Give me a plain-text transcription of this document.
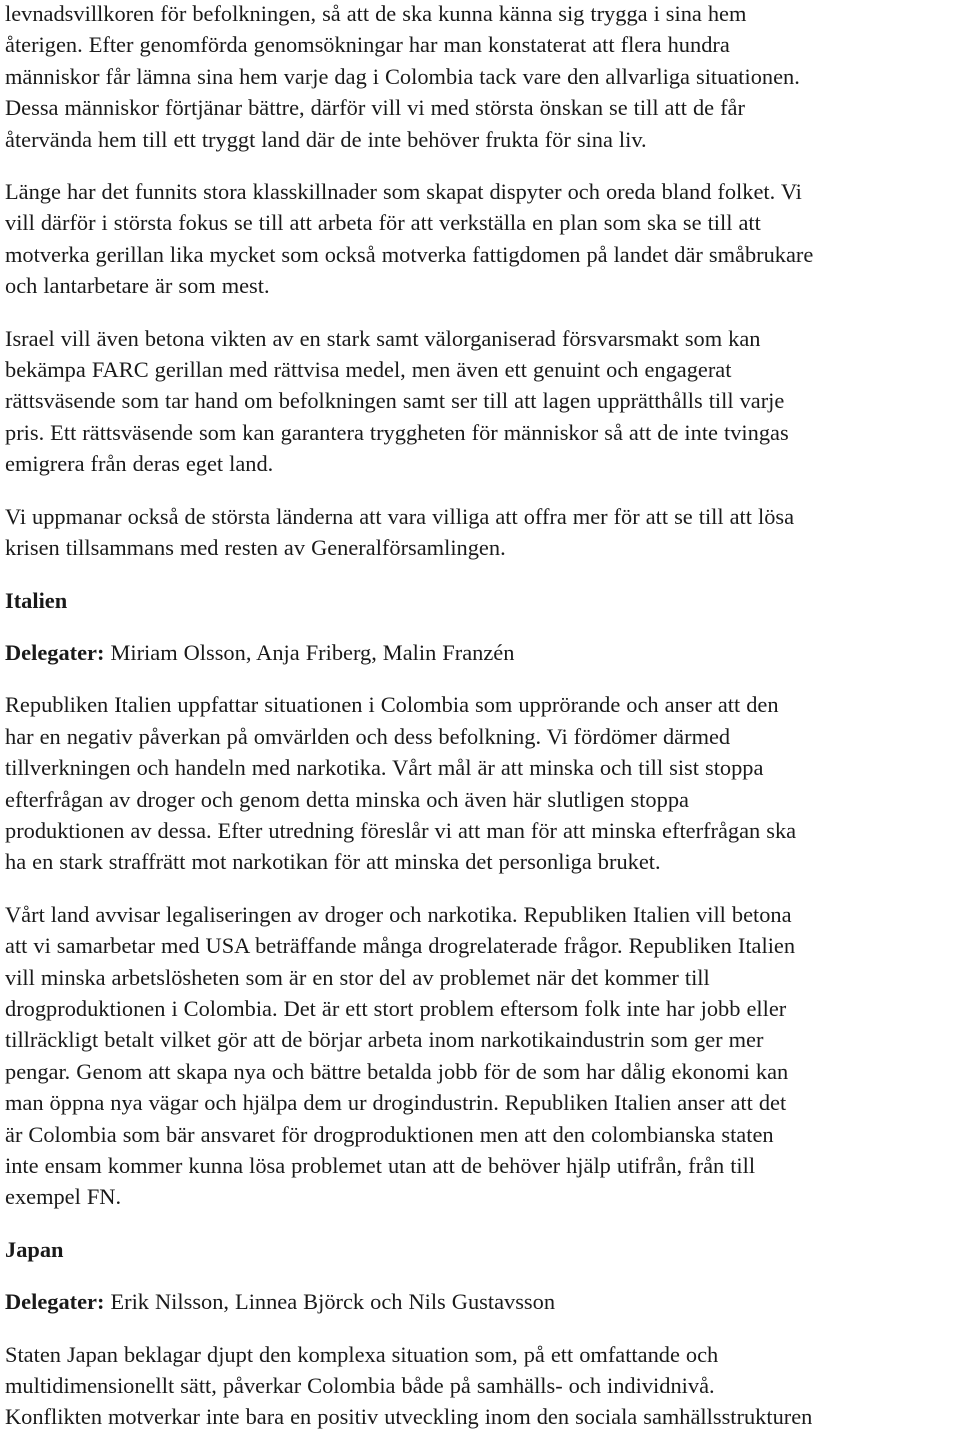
levnadsvillkoren för befolkningen, så att de ska kunna känna sig trygga i sina hem
återigen. Efter genomförda genomsökningar har man konstaterat att flera hundra
människor får lämna sina hem varje dag i Colombia tack vare den allvarliga situationen.
Dessa människor förtjänar bättre, därför vill vi med största önskan se till att de får
återvända hem till ett tryggt land där de inte behöver frukta för sina liv.

Länge har det funnits stora klasskillnader som skapat dispyter och oreda bland folket. Vi
vill därför i största fokus se till att arbeta för att verkställa en plan som ska se till att
motverka gerillan lika mycket som också motverka fattigdomen på landet där småbrukare
och lantarbetare är som mest.

Israel vill även betona vikten av en stark samt välorganiserad försvarsmakt som kan
bekämpa FARC gerillan med rättvisa medel, men även ett genuint och engagerat
rättsväsende som tar hand om befolkningen samt ser till att lagen upprätthålls till varje
pris. Ett rättsväsende som kan garantera tryggheten för människor så att de inte tvingas
emigrera från deras eget land.

Vi uppmanar också de största länderna att vara villiga att offra mer för att se till att lösa
krisen tillsammans med resten av Generalförsamlingen.

Italien

Delegater: Miriam Olsson, Anja Friberg, Malin Franzén

Republiken Italien uppfattar situationen i Colombia som upprörande och anser att den
har en negativ påverkan på omvärlden och dess befolkning. Vi fördömer därmed
tillverkningen och handeln med narkotika. Vårt mål är att minska och till sist stoppa
efterfrågan av droger och genom detta minska och även här slutligen stoppa
produktionen av dessa. Efter utredning föreslår vi att man för att minska efterfrågan ska
ha en stark straffrätt mot narkotikan för att minska det personliga bruket.

Vårt land avvisar legaliseringen av droger och narkotika. Republiken Italien vill betona
att vi samarbetar med USA beträffande många drogrelaterade frågor. Republiken Italien
vill minska arbetslösheten som är en stor del av problemet när det kommer till
drogproduktionen i Colombia. Det är ett stort problem eftersom folk inte har jobb eller
tillräckligt betalt vilket gör att de börjar arbeta inom narkotikaindustrin som ger mer
pengar. Genom att skapa nya och bättre betalda jobb för de som har dålig ekonomi kan
man öppna nya vägar och hjälpa dem ur drogindustrin. Republiken Italien anser att det
är Colombia som bär ansvaret för drogproduktionen men att den colombianska staten
inte ensam kommer kunna lösa problemet utan att de behöver hjälp utifrån, från till
exempel FN.

Japan

Delegater: Erik Nilsson, Linnea Björck och Nils Gustavsson

Staten Japan beklagar djupt den komplexa situation som, på ett omfattande och
multidimensionellt sätt, påverkar Colombia både på samhälls- och individnivå.
Konflikten motverkar inte bara en positiv utveckling inom den sociala samhällsstrukturen
